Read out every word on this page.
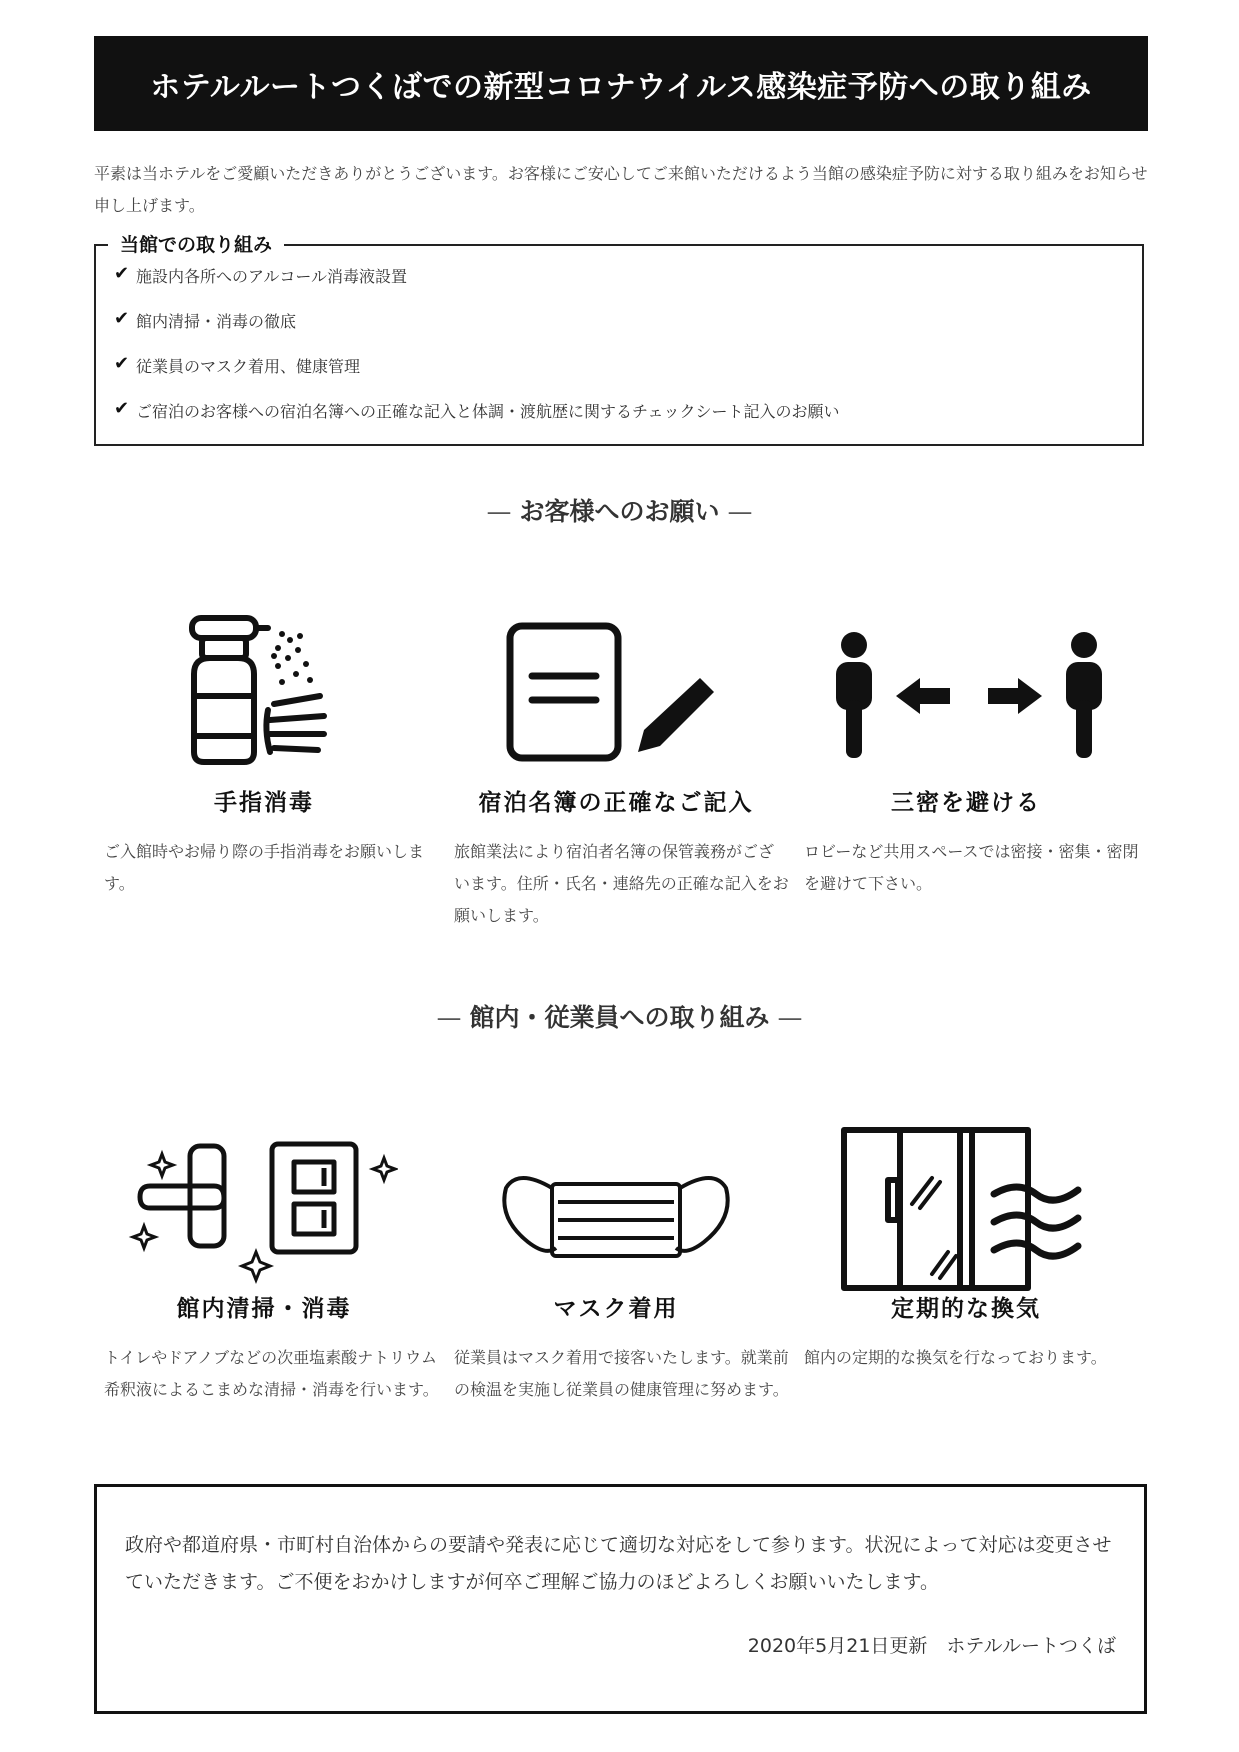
ホテルルートつくばでの新型コロナウイルス感染症予防への取り組み
平素は当ホテルをご愛顧いただきありがとうございます。お客様にご安心してご来館いただけるよう当館の感染症予防に対する取り組みをお知らせ申し上げます。
当館での取り組み
✔ 施設内各所へのアルコール消毒液設置
✔ 館内清掃・消毒の徹底
✔ 従業員のマスク着用、健康管理
✔ ご宿泊のお客様への宿泊名簿への正確な記入と体調・渡航歴に関するチェックシート記入のお願い
— お客様へのお願い —
手指消毒
ご入館時やお帰り際の手指消毒をお願いします。
宿泊名簿の正確なご記入
旅館業法により宿泊者名簿の保管義務がございます。住所・氏名・連絡先の正確な記入をお願いします。
三密を避ける
ロビーなど共用スペースでは密接・密集・密閉を避けて下さい。
— 館内・従業員への取り組み —
館内清掃・消毒
トイレやドアノブなどの次亜塩素酸ナトリウム希釈液によるこまめな清掃・消毒を行います。
マスク着用
従業員はマスク着用で接客いたします。就業前の検温を実施し従業員の健康管理に努めます。
定期的な換気
館内の定期的な換気を行なっております。
政府や都道府県・市町村自治体からの要請や発表に応じて適切な対応をして参ります。状況によって対応は変更させていただきます。ご不便をおかけしますが何卒ご理解ご協力のほどよろしくお願いいたします。
2020年5月21日更新　ホテルルートつくば
